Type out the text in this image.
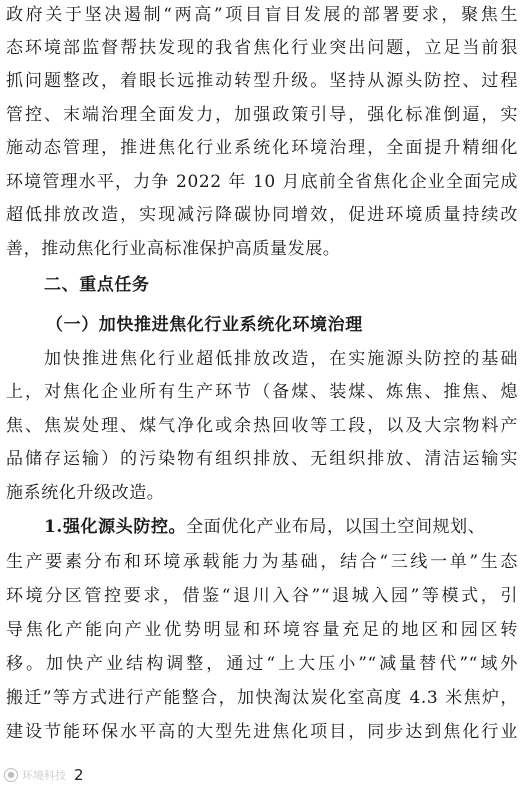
政府关于坚决遏制“两高”项目盲目发展的部署要求，聚焦生
态环境部监督帮扶发现的我省焦化行业突出问题，立足当前狠
抓问题整改，着眼长远推动转型升级。坚持从源头防控、过程
管控、末端治理全面发力，加强政策引导，强化标准倒逼，实
施动态管理，推进焦化行业系统化环境治理，全面提升精细化
环境管理水平，力争 2022 年 10 月底前全省焦化企业全面完成
超低排放改造，实现减污降碳协同增效，促进环境质量持续改
善，推动焦化行业高标准保护高质量发展。
二、重点任务
（一）加快推进焦化行业系统化环境治理
加快推进焦化行业超低排放改造，在实施源头防控的基础
上，对焦化企业所有生产环节（备煤、装煤、炼焦、推焦、熄
焦、焦炭处理、煤气净化或余热回收等工段，以及大宗物料产
品储存运输）的污染物有组织排放、无组织排放、清洁运输实
施系统化升级改造。
1.强化源头防控。全面优化产业布局，以国土空间规划、
生产要素分布和环境承载能力为基础，结合“三线一单”生态
环境分区管控要求，借鉴“退川入谷”“退城入园”等模式，引
导焦化产能向产业优势明显和环境容量充足的地区和园区转
移。加快产业结构调整，通过“上大压小”“减量替代”“域外
搬迁”等方式进行产能整合，加快淘汰炭化室高度 4.3 米焦炉，
建设节能环保水平高的大型先进焦化项目，同步达到焦化行业
● 环境科技 2
